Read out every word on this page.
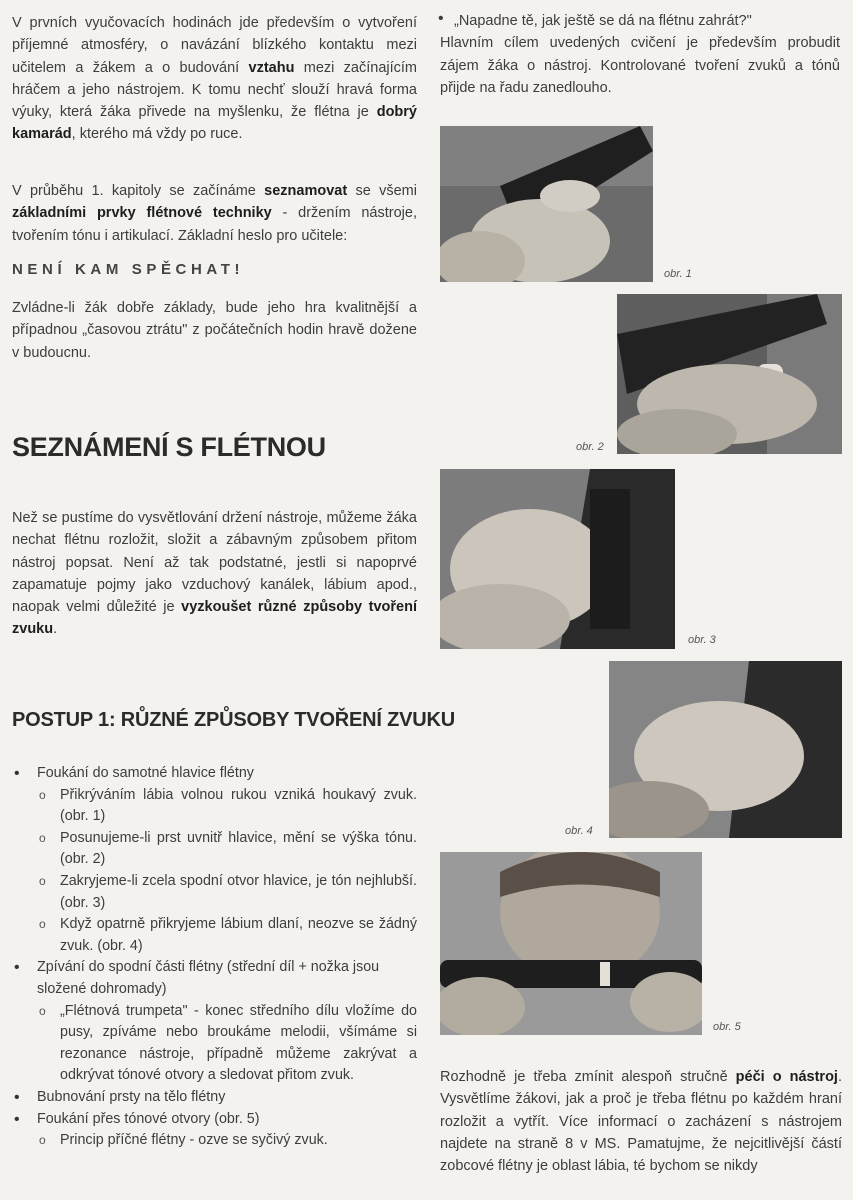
V prvních vyučovacích hodinách jde především o vytvoření příjemné atmosféry, o navázání blízkého kontaktu mezi učitelem a žákem a o budování vztahu mezi začínajícím hráčem a jeho nástrojem. K tomu nechť slouží hravá forma výuky, která žáka přivede na myšlenku, že flétna je dobrý kamarád, kterého má vždy po ruce.

V průběhu 1. kapitoly se začínáme seznamovat se všemi základními prvky flétnové techniky - držením nástroje, tvořením tónu i artikulací. Základní heslo pro učitele:

NENÍ KAM SPĚCHAT!

Zvládne-li žák dobře základy, bude jeho hra kvalitnější a případnou „časovou ztrátu" z počátečních hodin hravě dožene v budoucnu.

SEZNÁMENÍ S FLÉTNOU

Než se pustíme do vysvětlování držení nástroje, můžeme žáka nechat flétnu rozložit, složit a zábavným způsobem přitom nástroj popsat. Není až tak podstatné, jestli si napoprvé zapamatuje pojmy jako vzduchový kanálek, lábium apod., naopak velmi důležité je vyzkoušet různé způsoby tvoření zvuku.

POSTUP 1: RŮZNÉ ZPŮSOBY TVOŘENÍ ZVUKU
• Foukání do samotné hlavice flétny
o Přikrýváním lábia volnou rukou vzniká houkavý zvuk. (obr. 1)
o Posunujeme-li prst uvnitř hlavice, mění se výška tónu. (obr. 2)
o Zakryjeme-li zcela spodní otvor hlavice, je tón nejhlubší. (obr. 3)
o Když opatrně přikryjeme lábium dlaní, neozve se žádný zvuk. (obr. 4)
• Zpívání do spodní části flétny (střední díl + nožka jsou složené dohromady)
o „Flétnová trumpeta" - konec středního dílu vložíme do pusy, zpíváme nebo broukáme melodii, všímáme si rezonance nástroje, případně můžeme zakrývat a odkrývat tónové otvory a sledovat přitom zvuk.
• Bubnování prsty na tělo flétny
• Foukání přes tónové otvory (obr. 5)
o Princip příčné flétny - ozve se syčivý zvuk.

• „Napadne tě, jak ještě se dá na flétnu zahrát?"

Hlavním cílem uvedených cvičení je především probudit zájem žáka o nástroj. Kontrolované tvoření zvuků a tónů přijde na řadu zanedlouho.

obr. 1

obr. 2

obr. 3

obr. 4

obr. 5

Rozhodně je třeba zmínit alespoň stručně péči o nástroj. Vysvětlíme žákovi, jak a proč je třeba flétnu po každém hraní rozložit a vytřít. Více informací o zacházení s nástrojem najdete na straně 8 v MS. Pamatujme, že nejcitlivější částí zobcové flétny je oblast lábia, té bychom se nikdy
